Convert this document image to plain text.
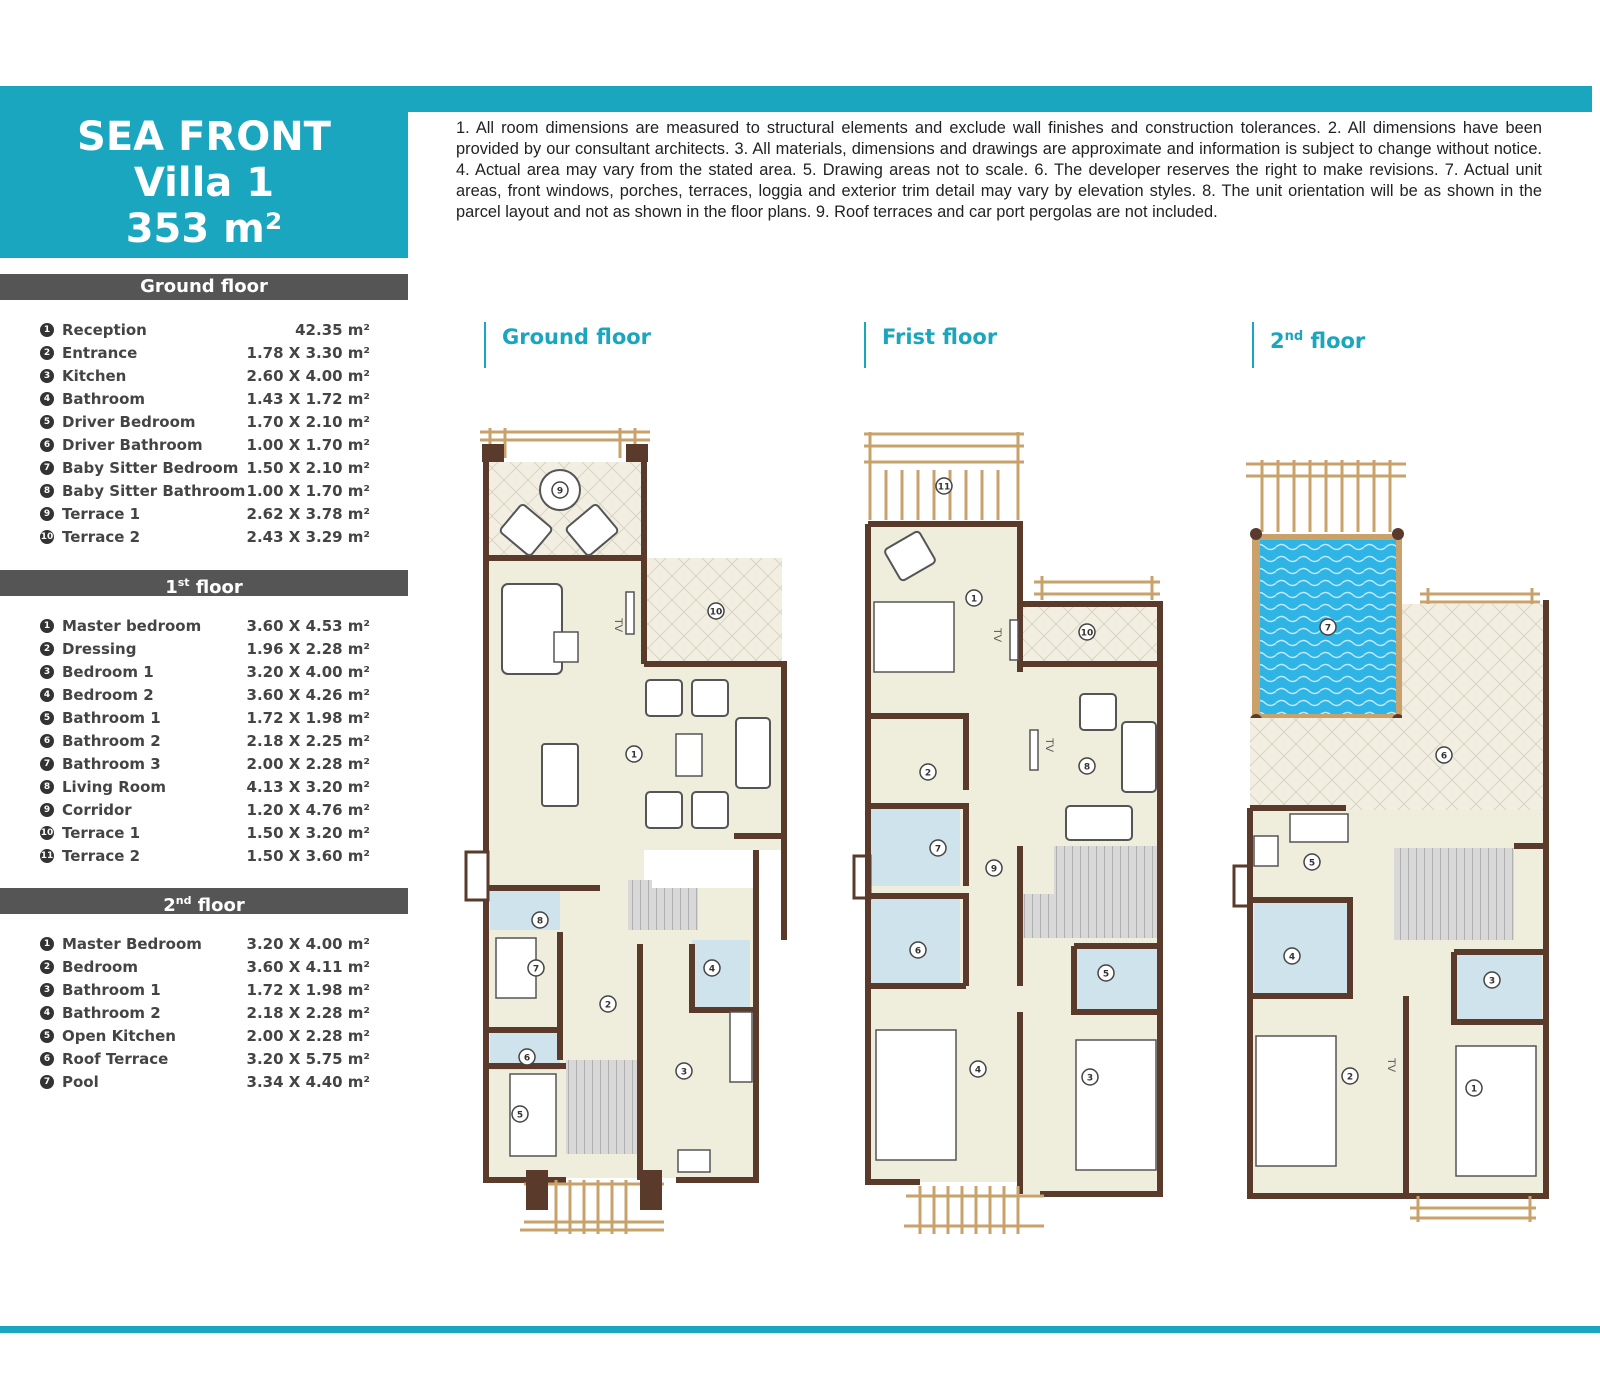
SEA FRONT
Villa 1
353 m²
1. All room dimensions are measured to structural elements and exclude wall finishes and construction tolerances. 2. All dimensions have been provided by our consultant architects. 3. All materials, dimensions and drawings are approximate and information is subject to change without notice. 4. Actual area may vary from the stated area. 5. Drawing areas not to scale. 6. The developer reserves the right to make revisions. 7. Actual unit areas, front windows, porches, terraces, loggia and exterior trim detail may vary by elevation styles. 8. The unit orientation will be as shown in the parcel layout and not as shown in the floor plans. 9. Roof terraces and car port pergolas are not included.
Ground floor
1 Reception	42.35 m²
2 Entrance	1.78 X 3.30 m²
3 Kitchen	2.60 X 4.00 m²
4 Bathroom	1.43 X 1.72 m²
5 Driver Bedroom	1.70 X 2.10 m²
6 Driver Bathroom	1.00 X 1.70 m²
7 Baby Sitter Bedroom 1.50 X 2.10 m²
8 Baby Sitter Bathroom 1.00 X 1.70 m²
9 Terrace 1	2.62 X 3.78 m²
10 Terrace 2	2.43 X 3.29 m²
1st floor
1 Master bedroom	3.60 X 4.53 m²
2 Dressing	1.96 X 2.28 m²
3 Bedroom 1	3.20 X 4.00 m²
4 Bedroom 2	3.60 X 4.26 m²
5 Bathroom 1	1.72 X 1.98 m²
6 Bathroom 2	2.18 X 2.25 m²
7 Bathroom 3	2.00 X 2.28 m²
8 Living Room	4.13 X 3.20 m²
9 Corridor	1.20 X 4.76 m²
10 Terrace 1	1.50 X 3.20 m²
11 Terrace 2	1.50 X 3.60 m²
2nd floor
1 Master Bedroom	3.20 X 4.00 m²
2 Bedroom	3.60 X 4.11 m²
3 Bathroom 1	1.72 X 1.98 m²
4 Bathroom 2	2.18 X 2.28 m²
5 Open Kitchen	2.00 X 2.28 m²
6 Roof Terrace	3.20 X 5.75 m²
7 Pool	3.34 X 4.40 m²
Ground floor	Frist floor	2nd floor
TV
TV
TV
TV
1
2
3
4
5
6
7
8
9
10
1
2
3
4
5
6
7
8
9
10
11
1
2
3
4
5
6
7
